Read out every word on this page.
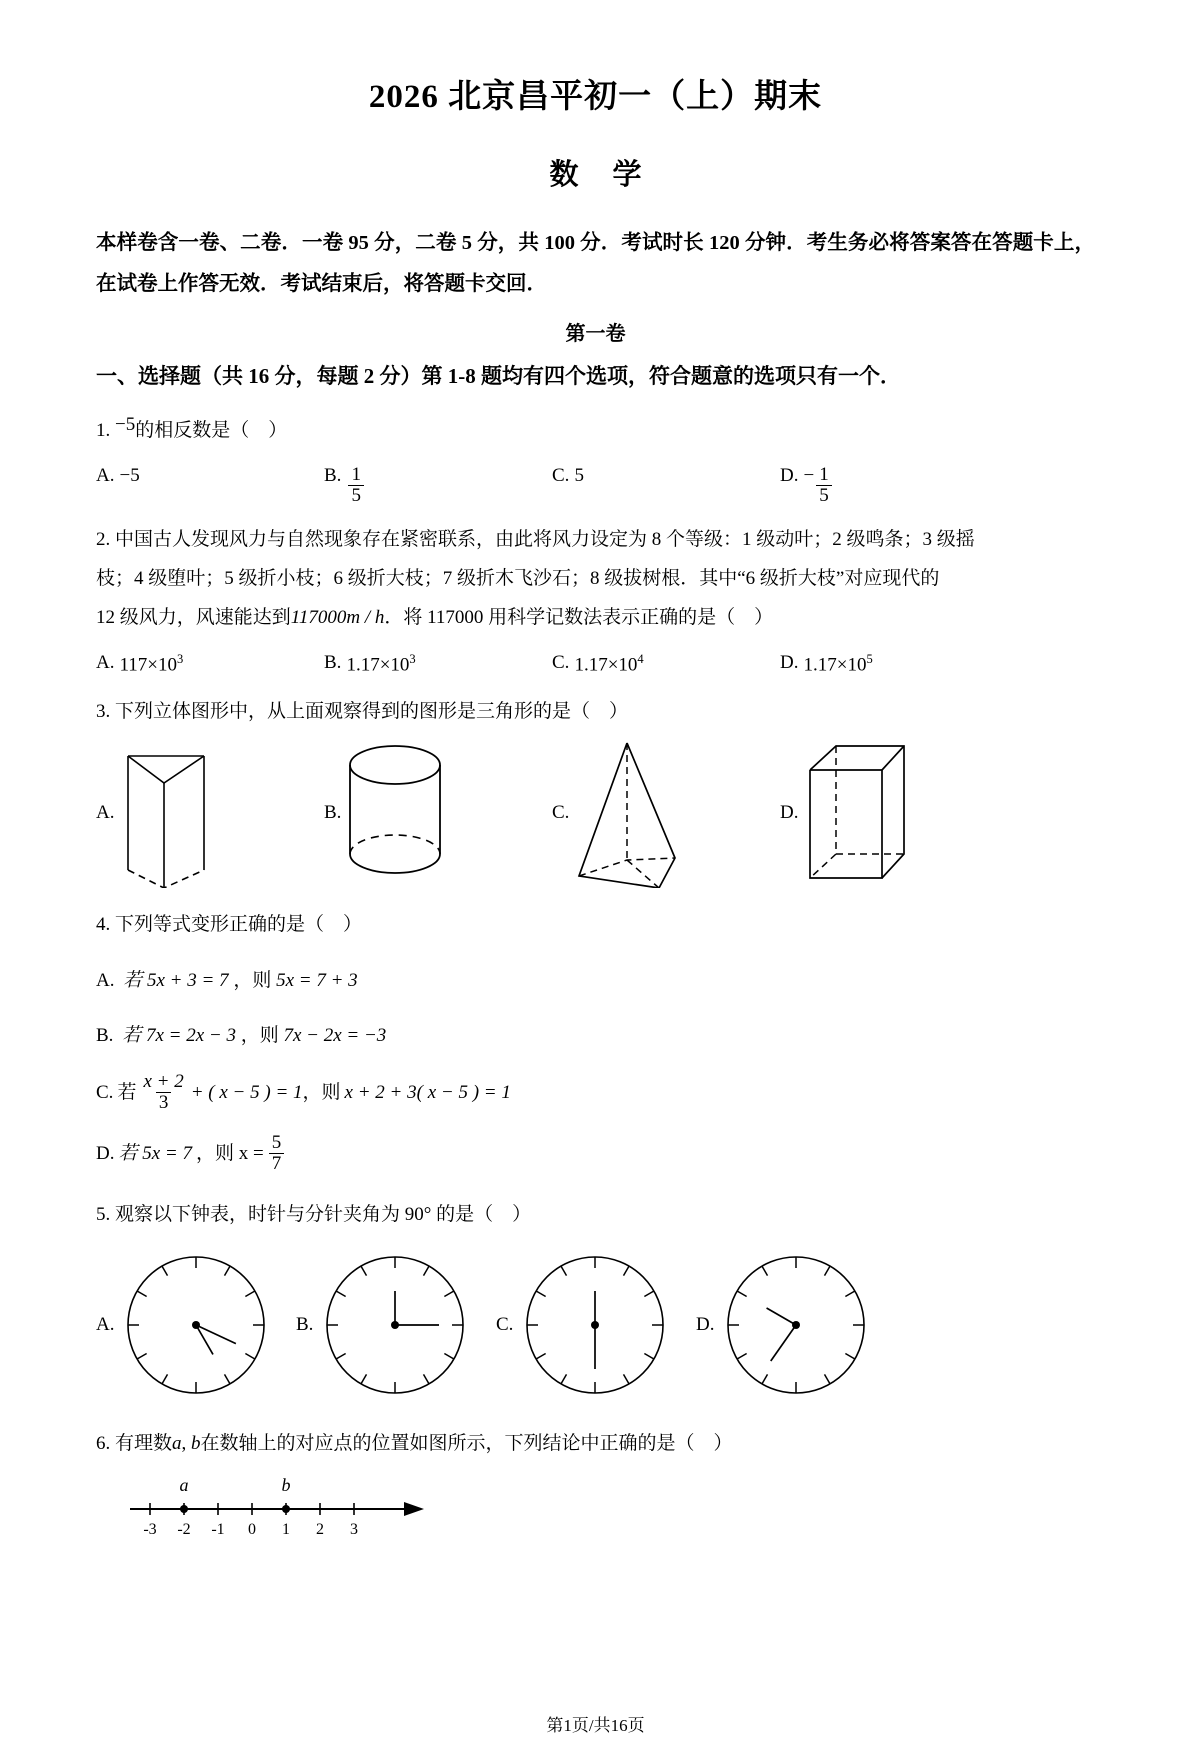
2026 北京昌平初一（上）期末
数 学
本样卷含一卷、二卷．一卷 95 分，二卷 5 分，共 100 分．考试时长 120 分钟．考生务必将答案答在答题卡上，在试卷上作答无效．考试结束后，将答题卡交回．
第一卷
一、选择题（共 16 分，每题 2 分）第 1-8 题均有四个选项，符合题意的选项只有一个．
1. −5的相反数是（　）
A. −5	B. $\frac{1}{5}$	C. 5	D. − $\frac{1}{5}$
2. 中国古人发现风力与自然现象存在紧密联系，由此将风力设定为 8 个等级：1 级动叶；2 级鸣条；3 级摇
枝；4 级堕叶；5 级折小枝；6 级折大枝；7 级折木飞沙石；8 级拔树根．其中“6 级折大枝”对应现代的
12 级风力，风速能达到117000m / h．将 117000 用科学记数法表示正确的是（　）
A. $117\times 10^3$	B. $1.17\times 10^3$	C. $1.17\times 10^4$	D. $1.17\times 10^5$
3. 下列立体图形中，从上面观察得到的图形是三角形的是（　）
A.	B.	C.	D.
4. 下列等式变形正确的是（　）
A. 若 5x + 3 = 7 ，则 5x = 7 + 3
B. 若 7x = 2x − 3 ，则 7x − 2x = −3
C. 若 $\frac{x + 2}{3}$ + ( x − 5 ) = 1 ，则 x + 2 + 3( x − 5 ) = 1
D. 若 5x = 7 ，则 $x = \frac{5}{7}$
5. 观察以下钟表，时针与分针夹角为 90° 的是（　）
A.	B.	C.	D.
6. 有理数a, b在数轴上的对应点的位置如图所示，下列结论中正确的是（　）
a	b
-3 -2 -1 0 1 2 3
第1页/共16页
